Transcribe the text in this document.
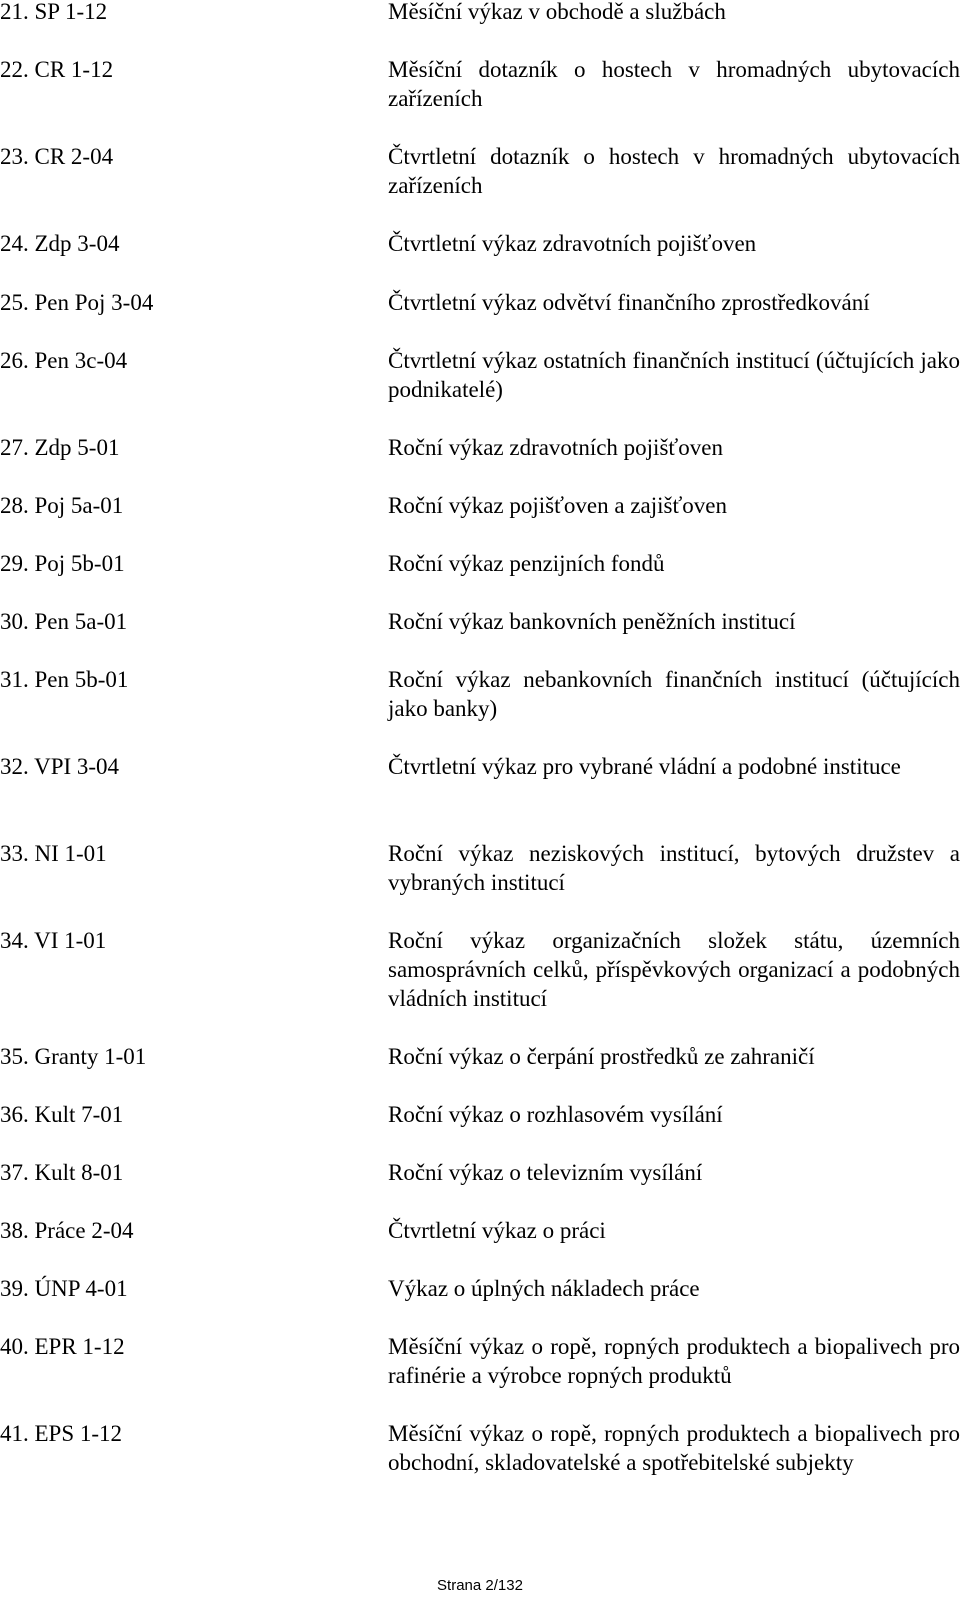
21. SP 1-12	Měsíční výkaz v obchodě a službách
22. CR 1-12	Měsíční dotazník o hostech v hromadných ubytovacích zařízeních
23. CR 2-04	Čtvrtletní dotazník o hostech v hromadných ubytovacích zařízeních
24. Zdp 3-04	Čtvrtletní výkaz zdravotních pojišťoven
25. Pen Poj 3-04	Čtvrtletní výkaz odvětví finančního zprostředkování
26. Pen 3c-04	Čtvrtletní výkaz ostatních finančních institucí (účtujících jako podnikatelé)
27. Zdp 5-01	Roční výkaz zdravotních pojišťoven
28. Poj 5a-01	Roční výkaz pojišťoven a zajišťoven
29. Poj 5b-01	Roční výkaz penzijních fondů
30. Pen 5a-01	Roční výkaz bankovních peněžních institucí
31. Pen 5b-01	Roční výkaz nebankovních finančních institucí (účtujících jako banky)
32. VPI 3-04	Čtvrtletní výkaz pro vybrané vládní a podobné instituce
33. NI 1-01	Roční výkaz neziskových institucí, bytových družstev a vybraných institucí
34. VI 1-01	Roční výkaz organizačních složek státu, územních samosprávních celků, příspěvkových organizací a podobných vládních institucí
35. Granty 1-01	Roční výkaz o čerpání prostředků ze zahraničí
36. Kult 7-01	Roční výkaz o rozhlasovém vysílání
37. Kult 8-01	Roční výkaz o televizním vysílání
38. Práce 2-04	Čtvrtletní výkaz o práci
39. ÚNP 4-01	Výkaz o úplných nákladech práce
40. EPR 1-12	Měsíční výkaz o ropě, ropných produktech a biopalivech pro rafinérie a výrobce ropných produktů
41. EPS 1-12	Měsíční výkaz o ropě, ropných produktech a biopalivech pro obchodní, skladovatelské a spotřebitelské subjekty
Strana 2/132
